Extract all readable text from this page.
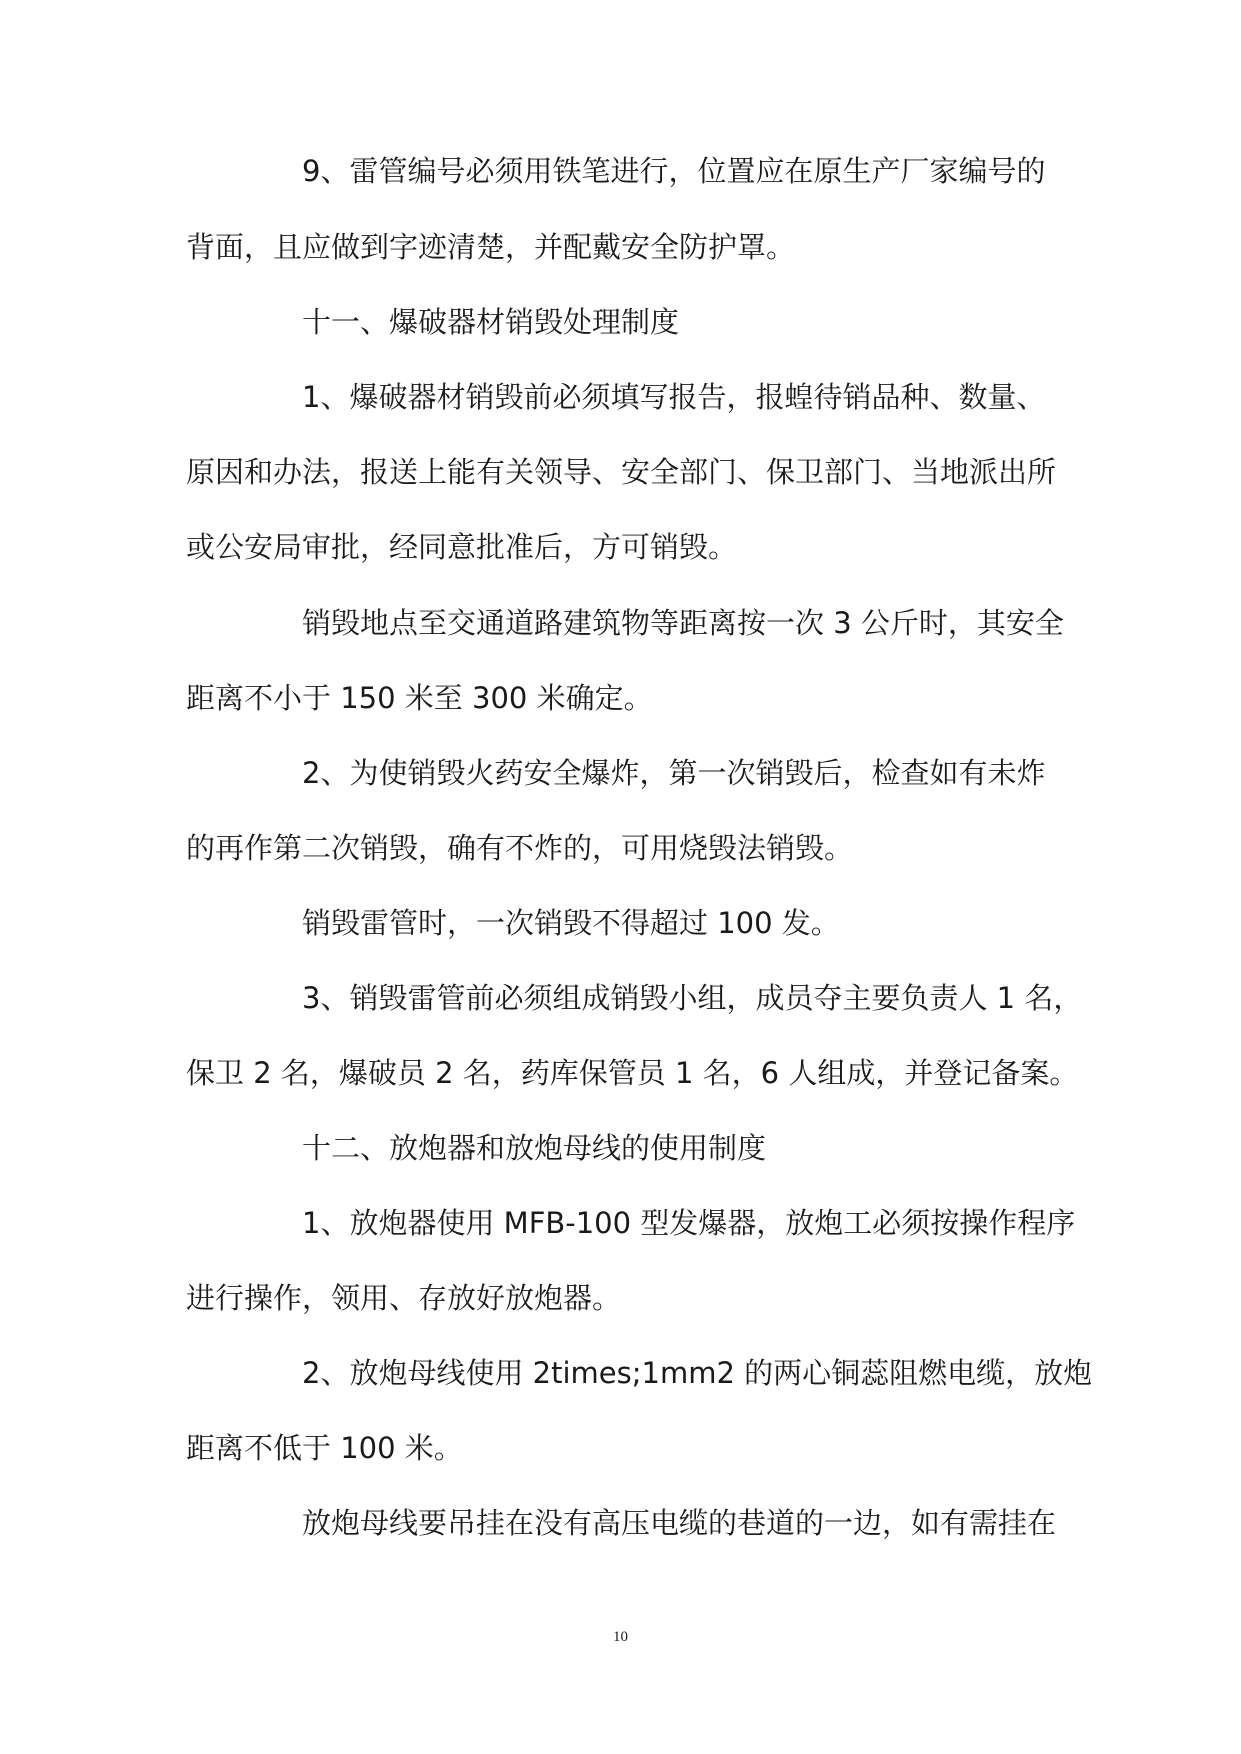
9、雷管编号必须用铁笔进行，位置应在原生产厂家编号的
背面，且应做到字迹清楚，并配戴安全防护罩。
十一、爆破器材销毁处理制度
1、爆破器材销毁前必须填写报告，报蝗待销品种、数量、
原因和办法，报送上能有关领导、安全部门、保卫部门、当地派出所
或公安局审批，经同意批准后，方可销毁。
销毁地点至交通道路建筑物等距离按一次 3 公斤时，其安全
距离不小于 150 米至 300 米确定。
2、为使销毁火药安全爆炸，第一次销毁后，检查如有未炸
的再作第二次销毁，确有不炸的，可用烧毁法销毁。
销毁雷管时，一次销毁不得超过 100 发。
3、销毁雷管前必须组成销毁小组，成员夺主要负责人 1 名，
保卫 2 名，爆破员 2 名，药库保管员 1 名，6 人组成，并登记备案。
十二、放炮器和放炮母线的使用制度
1、放炮器使用 MFB-100 型发爆器，放炮工必须按操作程序
进行操作，领用、存放好放炮器。
2、放炮母线使用 2times;1mm2 的两心铜蕊阻燃电缆，放炮
距离不低于 100 米。
放炮母线要吊挂在没有高压电缆的巷道的一边，如有需挂在
10
